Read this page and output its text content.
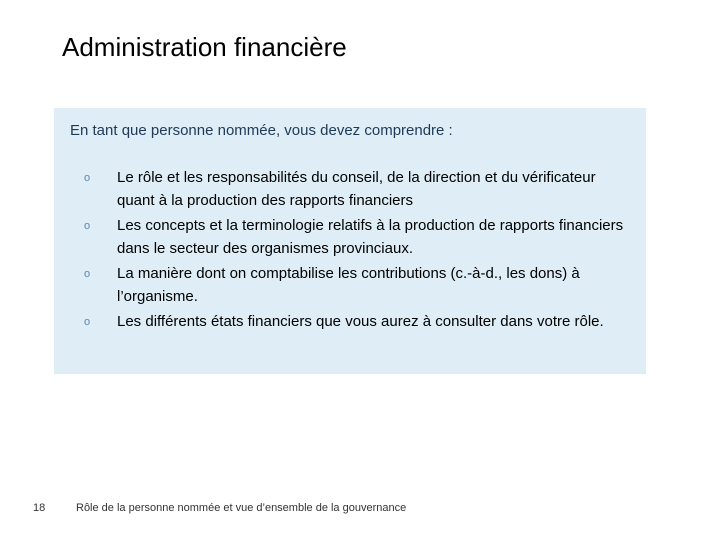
Administration financière
En tant que personne nommée, vous devez comprendre :
o Le rôle et les responsabilités du conseil, de la direction et du vérificateur quant à la production des rapports financiers
o Les concepts et la terminologie relatifs à la production de rapports financiers dans le secteur des organismes provinciaux.
o La manière dont on comptabilise les contributions (c.-à-d., les dons) à l’organisme.
o Les différents états financiers que vous aurez à consulter dans votre rôle.
18	Rôle de la personne nommée et vue d’ensemble de la gouvernance
